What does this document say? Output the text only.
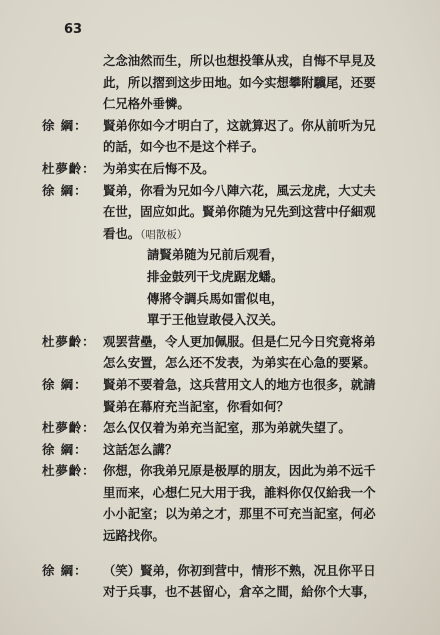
63
之念油然而生，所以也想投筆从戎，自悔不早見及
此，所以摺到这步田地。如今实想攀附驥尾，还要
仁兄格外垂憐。
徐 綱： 賢弟你如今才明白了，这就算迟了。你从前听为兄
的話，如今也不是这个样子。
杜夢齡： 为弟实在后悔不及。
徐 綱： 賢弟，你看为兄如今八陣六花，風云龙虎，大丈夫
在世，固应如此。賢弟你随为兄先到这营中仔細观
看也。（唱散板）
請賢弟随为兄前后观看，
排金鼓列干戈虎踞龙蟠。
傳將令調兵馬如雷似电，
單于王他豈敢侵入汉关。
杜夢齡： 观罢营壘，令人更加佩服。但是仁兄今日究竟将弟
怎么安置，怎么还不发表，为弟实在心急的要紧。
徐 綱： 賢弟不要着急，这兵营用文人的地方也很多，就請
賢弟在幕府充当記室，你看如何？
杜夢齡： 怎么仅仅着为弟充当記室，那为弟就失望了。
徐 綱： 这話怎么講？
杜夢齡： 你想，你我弟兄原是极厚的朋友，因此为弟不远千
里而来，心想仁兄大用于我，誰料你仅仅給我一个
小小記室；以为弟之才，那里不可充当記室，何必
远路找你。
徐 綱： （笑）賢弟，你初到营中，情形不熟，况且你平日
对于兵事，也不甚留心，倉卒之間，給你个大事，
